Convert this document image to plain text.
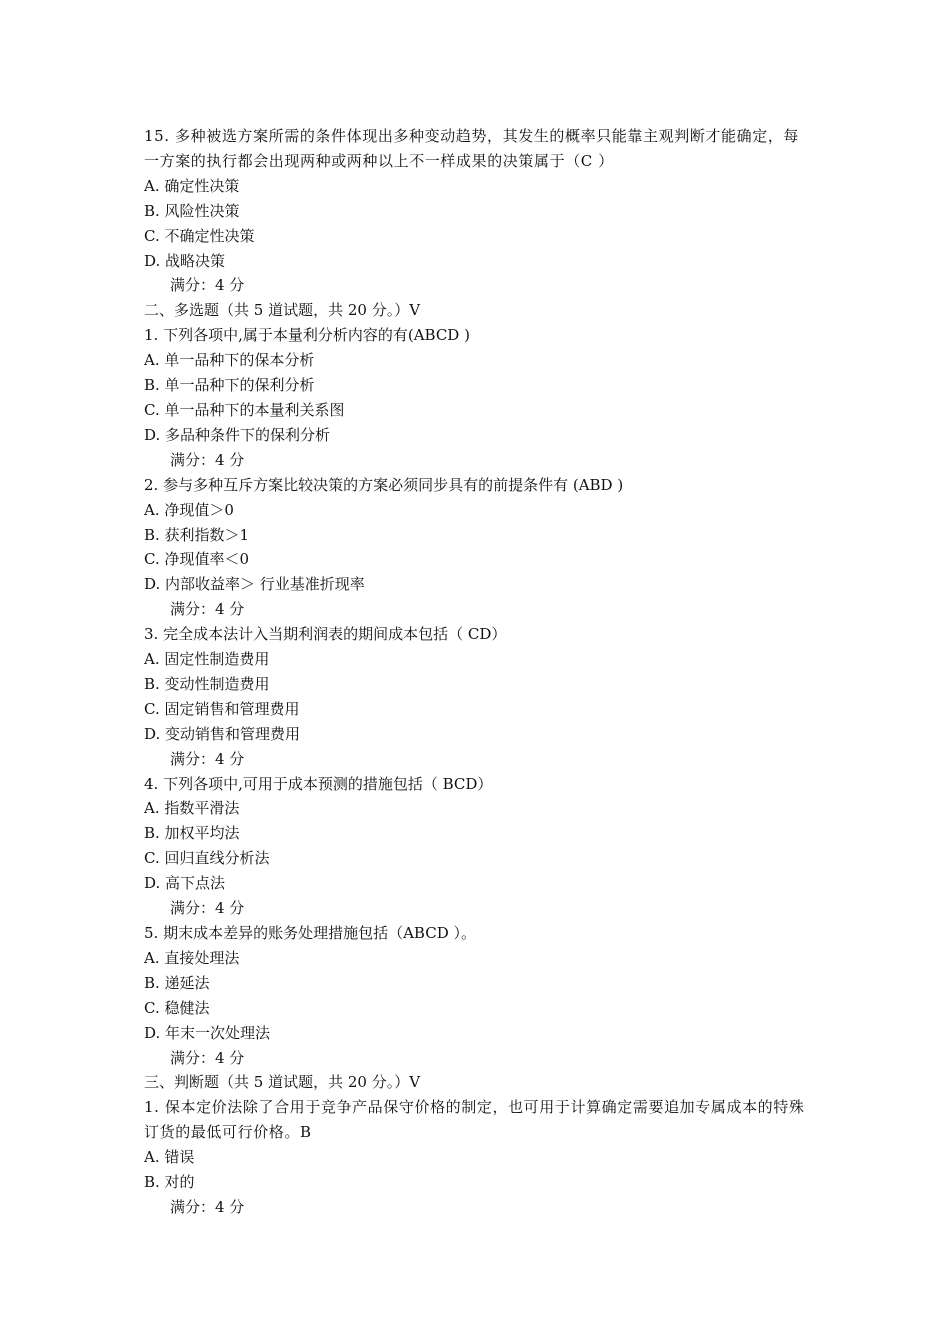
15. 多种被选方案所需的条件体现出多种变动趋势，其发生的概率只能靠主观判断才能确定，每一方案的执行都会出现两种或两种以上不一样成果的决策属于（C ）

A. 确定性决策

B. 风险性决策

C. 不确定性决策

D. 战略决策

满分：4 分

二、多选题（共 5 道试题，共 20 分。）V

1. 下列各项中,属于本量利分析内容的有(ABCD )

A. 单一品种下的保本分析

B. 单一品种下的保利分析

C. 单一品种下的本量利关系图

D. 多品种条件下的保利分析

满分：4 分

2. 参与多种互斥方案比较决策的方案必须同步具有的前提条件有 (ABD )

A. 净现值＞0

B. 获利指数＞1

C. 净现值率＜0

D. 内部收益率＞ 行业基准折现率

满分：4 分

3. 完全成本法计入当期利润表的期间成本包括（ CD）

A. 固定性制造费用

B. 变动性制造费用

C. 固定销售和管理费用

D. 变动销售和管理费用

满分：4 分

4. 下列各项中,可用于成本预测的措施包括（ BCD）

A. 指数平滑法

B. 加权平均法

C. 回归直线分析法

D. 高下点法

满分：4 分

5. 期末成本差异的账务处理措施包括（ABCD ）。

A. 直接处理法

B. 递延法

C. 稳健法

D. 年末一次处理法

满分：4 分

三、判断题（共 5 道试题，共 20 分。）V

1. 保本定价法除了合用于竞争产品保守价格的制定，也可用于计算确定需要追加专属成本的特殊订货的最低可行价格。B

A. 错误

B. 对的

满分：4 分
